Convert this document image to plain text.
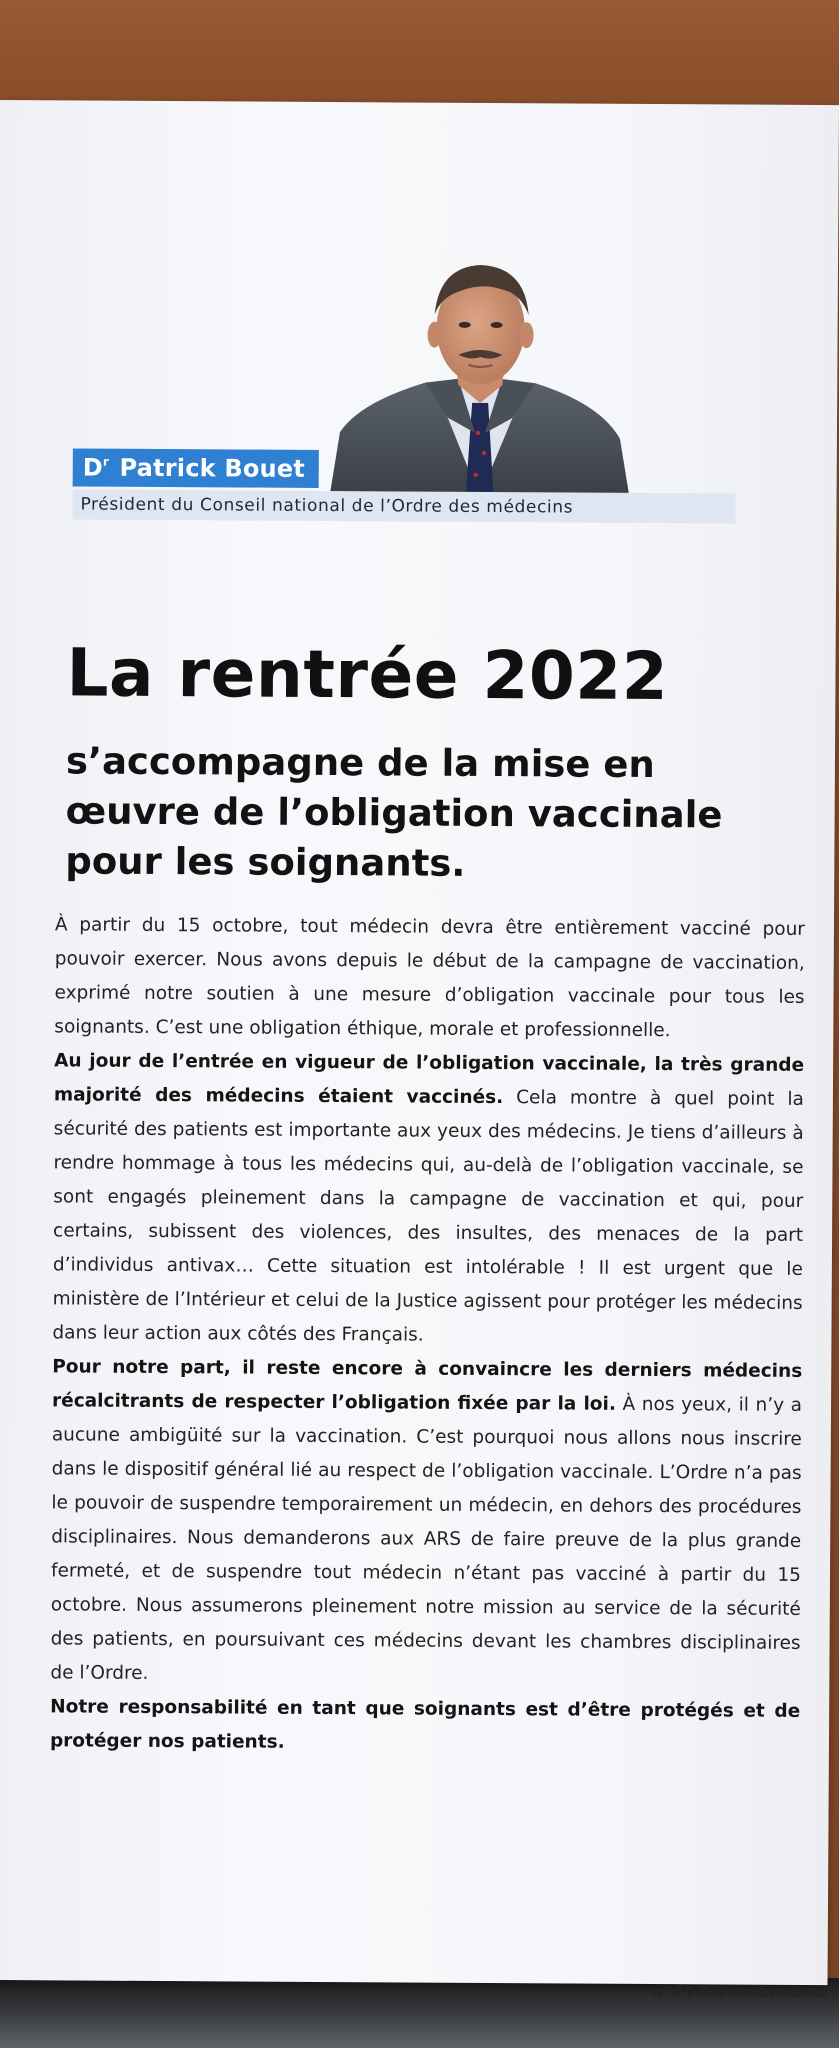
$D^r$ Patrick Bouet
Président du Conseil national de l’Ordre des médecins
La rentrée 2022
s’accompagne de la mise en œuvre de l’obligation vaccinale pour les soignants.

À partir du 15 octobre, tout médecin devra être entièrement vacciné pour pouvoir exercer. Nous avons depuis le début de la campagne de vaccination, exprimé notre soutien à une mesure d’obligation vaccinale pour tous les soignants. C’est une obligation éthique, morale et professionnelle.

Au jour de l’entrée en vigueur de l’obligation vaccinale, la très grande majorité des médecins étaient vaccinés. Cela montre à quel point la sécurité des patients est importante aux yeux des médecins. Je tiens d’ailleurs à rendre hommage à tous les médecins qui, au-delà de l’obligation vaccinale, se sont engagés pleinement dans la campagne de vaccination et qui, pour certains, subissent des violences, des insultes, des menaces de la part d’individus antivax… Cette situation est intolérable ! Il est urgent que le ministère de l’Intérieur et celui de la Justice agissent pour protéger les médecins dans leur action aux côtés des Français.

Pour notre part, il reste encore à convaincre les derniers médecins récalcitrants de respecter l’obligation fixée par la loi. À nos yeux, il n’y a aucune ambigüité sur la vaccination. C’est pourquoi nous allons nous inscrire dans le dispositif général lié au respect de l’obligation vaccinale. L’Ordre n’a pas le pouvoir de suspendre temporairement un médecin, en dehors des procédures disciplinaires. Nous demanderons aux ARS de faire preuve de la plus grande fermeté, et de suspendre tout médecin n’étant pas vacciné à partir du 15 octobre. Nous assumerons pleinement notre mission au service de la sécurité des patients, en poursuivant ces médecins devant les chambres disciplinaires de l’Ordre.

Notre responsabilité en tant que soignants est d’être protégés et de protéger nos patients.

n° 75 Septembre-Octo
